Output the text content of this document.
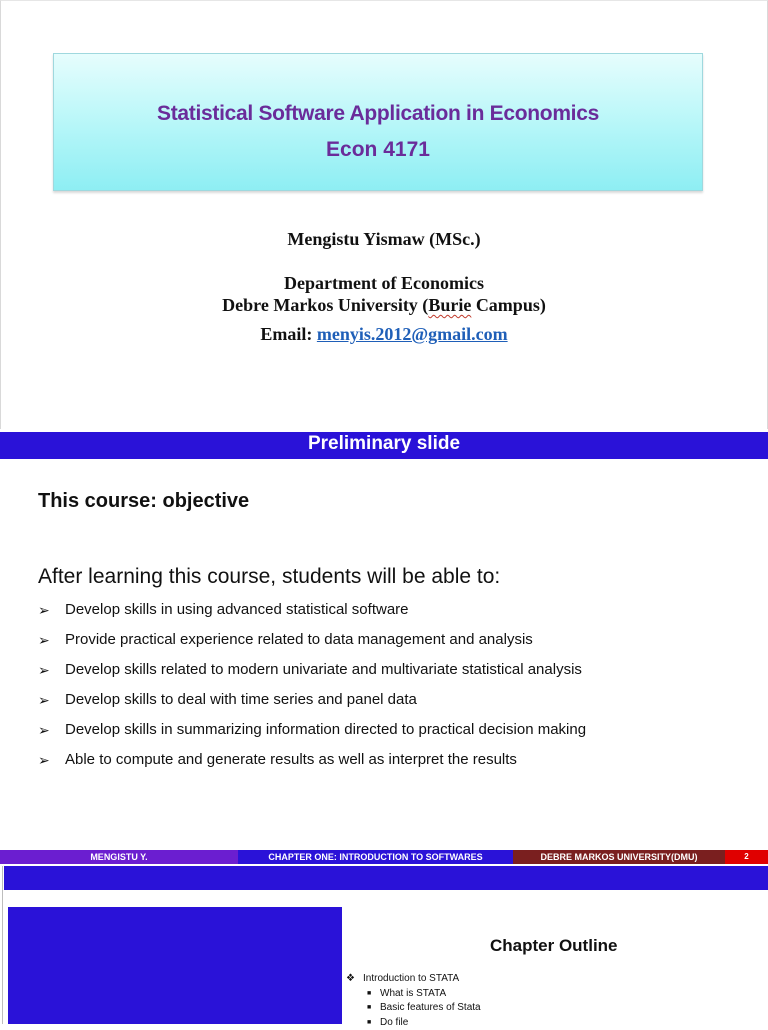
Statistical Software Application in Economics
Econ 4171
Mengistu Yismaw (MSc.)
Department of Economics
Debre Markos University (Burie Campus)
Email: menyis.2012@gmail.com
Preliminary slide
This course: objective
After learning this course, students will be able to:
➢ Develop skills in using advanced statistical software
➢ Provide practical experience related to data management and analysis
➢ Develop skills related to modern univariate and multivariate statistical analysis
➢ Develop skills to deal with time series and panel data
➢ Develop skills in summarizing information directed to practical decision making
➢ Able to compute and generate results as well as interpret the results
MENGISTU Y.	CHAPTER ONE: INTRODUCTION TO SOFTWARES	DEBRE MARKOS UNIVERSITY(DMU)	2
Chapter Outline
❖ Introduction to STATA
■ What is STATA
■ Basic features of Stata
■ Do file
